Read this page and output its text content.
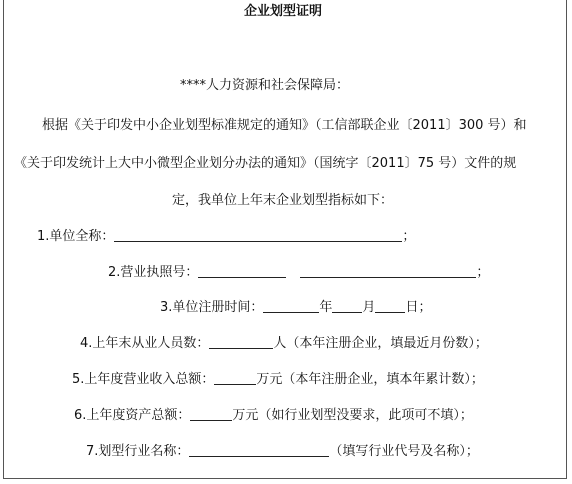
企业划型证明
****人力资源和社会保障局：
根据《关于印发中小企业划型标准规定的通知》（工信部联企业〔2011〕300 号）和
《关于印发统计上大中小微型企业划分办法的通知》（国统字〔2011〕75 号）文件的规
定，我单位上年末企业划型指标如下：
1.单位全称：	；
2.营业执照号：	；
3.单位注册时间：	年 月 日；
4.上年末从业人员数：	人（本年注册企业，填最近月份数）；
5.上年度营业收入总额：	万元（本年注册企业，填本年累计数）；
6.上年度资产总额：	万元（如行业划型没要求，此项可不填）；
7.划型行业名称：	（填写行业代号及名称）；
